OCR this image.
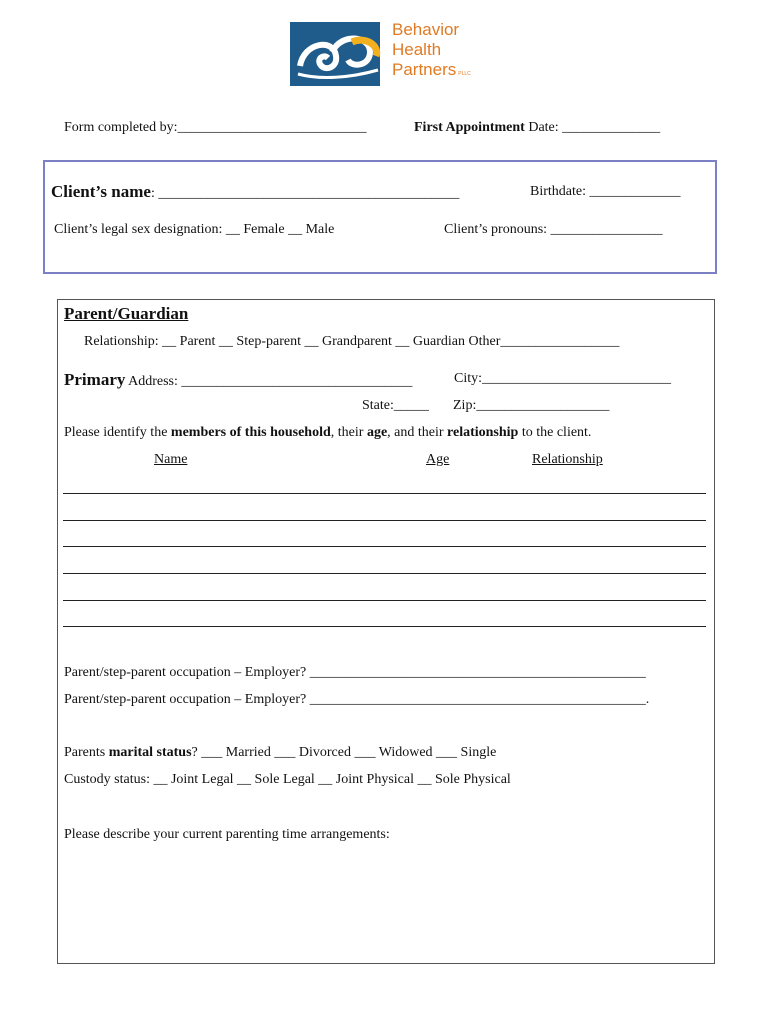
Behavior
Health
Partners PLLC
Form completed by:___________________________	First Appointment Date: ______________
Client’s name: ___________________________________________	Birthdate: _____________
Client’s legal sex designation: __ Female __ Male	Client’s pronouns: ________________
Parent/Guardian
Relationship: __ Parent __ Step-parent __ Grandparent __ Guardian Other_________________
Primary Address: _________________________________	City:___________________________
State:_____ Zip:___________________
Please identify the members of this household, their age, and their relationship to the client.
Name	Age	Relationship
Parent/step-parent occupation – Employer? ________________________________________________
Parent/step-parent occupation – Employer? ________________________________________________.
Parents marital status? ___ Married ___ Divorced ___ Widowed ___ Single
Custody status: __ Joint Legal __ Sole Legal __ Joint Physical __ Sole Physical
Please describe your current parenting time arrangements:
